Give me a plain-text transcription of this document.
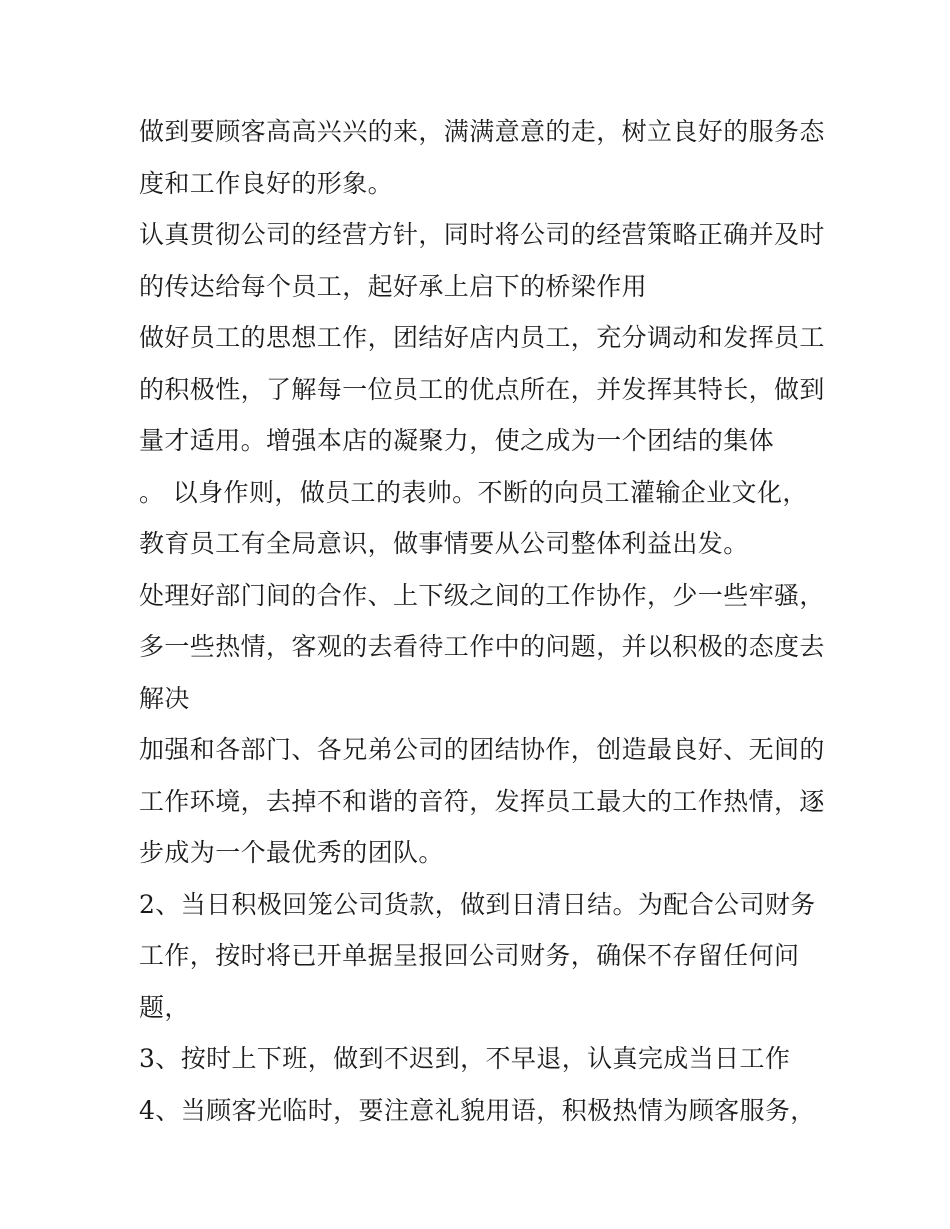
做到要顾客高高兴兴的来，满满意意的走，树立良好的服务态
度和工作良好的形象。
认真贯彻公司的经营方针，同时将公司的经营策略正确并及时
的传达给每个员工，起好承上启下的桥梁作用
做好员工的思想工作，团结好店内员工，充分调动和发挥员工
的积极性，了解每一位员工的优点所在，并发挥其特长，做到
量才适用。增强本店的凝聚力，使之成为一个团结的集体
。 以身作则，做员工的表帅。不断的向员工灌输企业文化，
教育员工有全局意识，做事情要从公司整体利益出发。
处理好部门间的合作、上下级之间的工作协作，少一些牢骚，
多一些热情，客观的去看待工作中的问题，并以积极的态度去
解决
加强和各部门、各兄弟公司的团结协作，创造最良好、无间的
工作环境，去掉不和谐的音符，发挥员工最大的工作热情，逐
步成为一个最优秀的团队。
2、当日积极回笼公司货款，做到日清日结。为配合公司财务
工作，按时将已开单据呈报回公司财务，确保不存留任何问
题，
3、按时上下班，做到不迟到，不早退，认真完成当日工作
4、当顾客光临时，要注意礼貌用语，积极热情为顾客服务，
